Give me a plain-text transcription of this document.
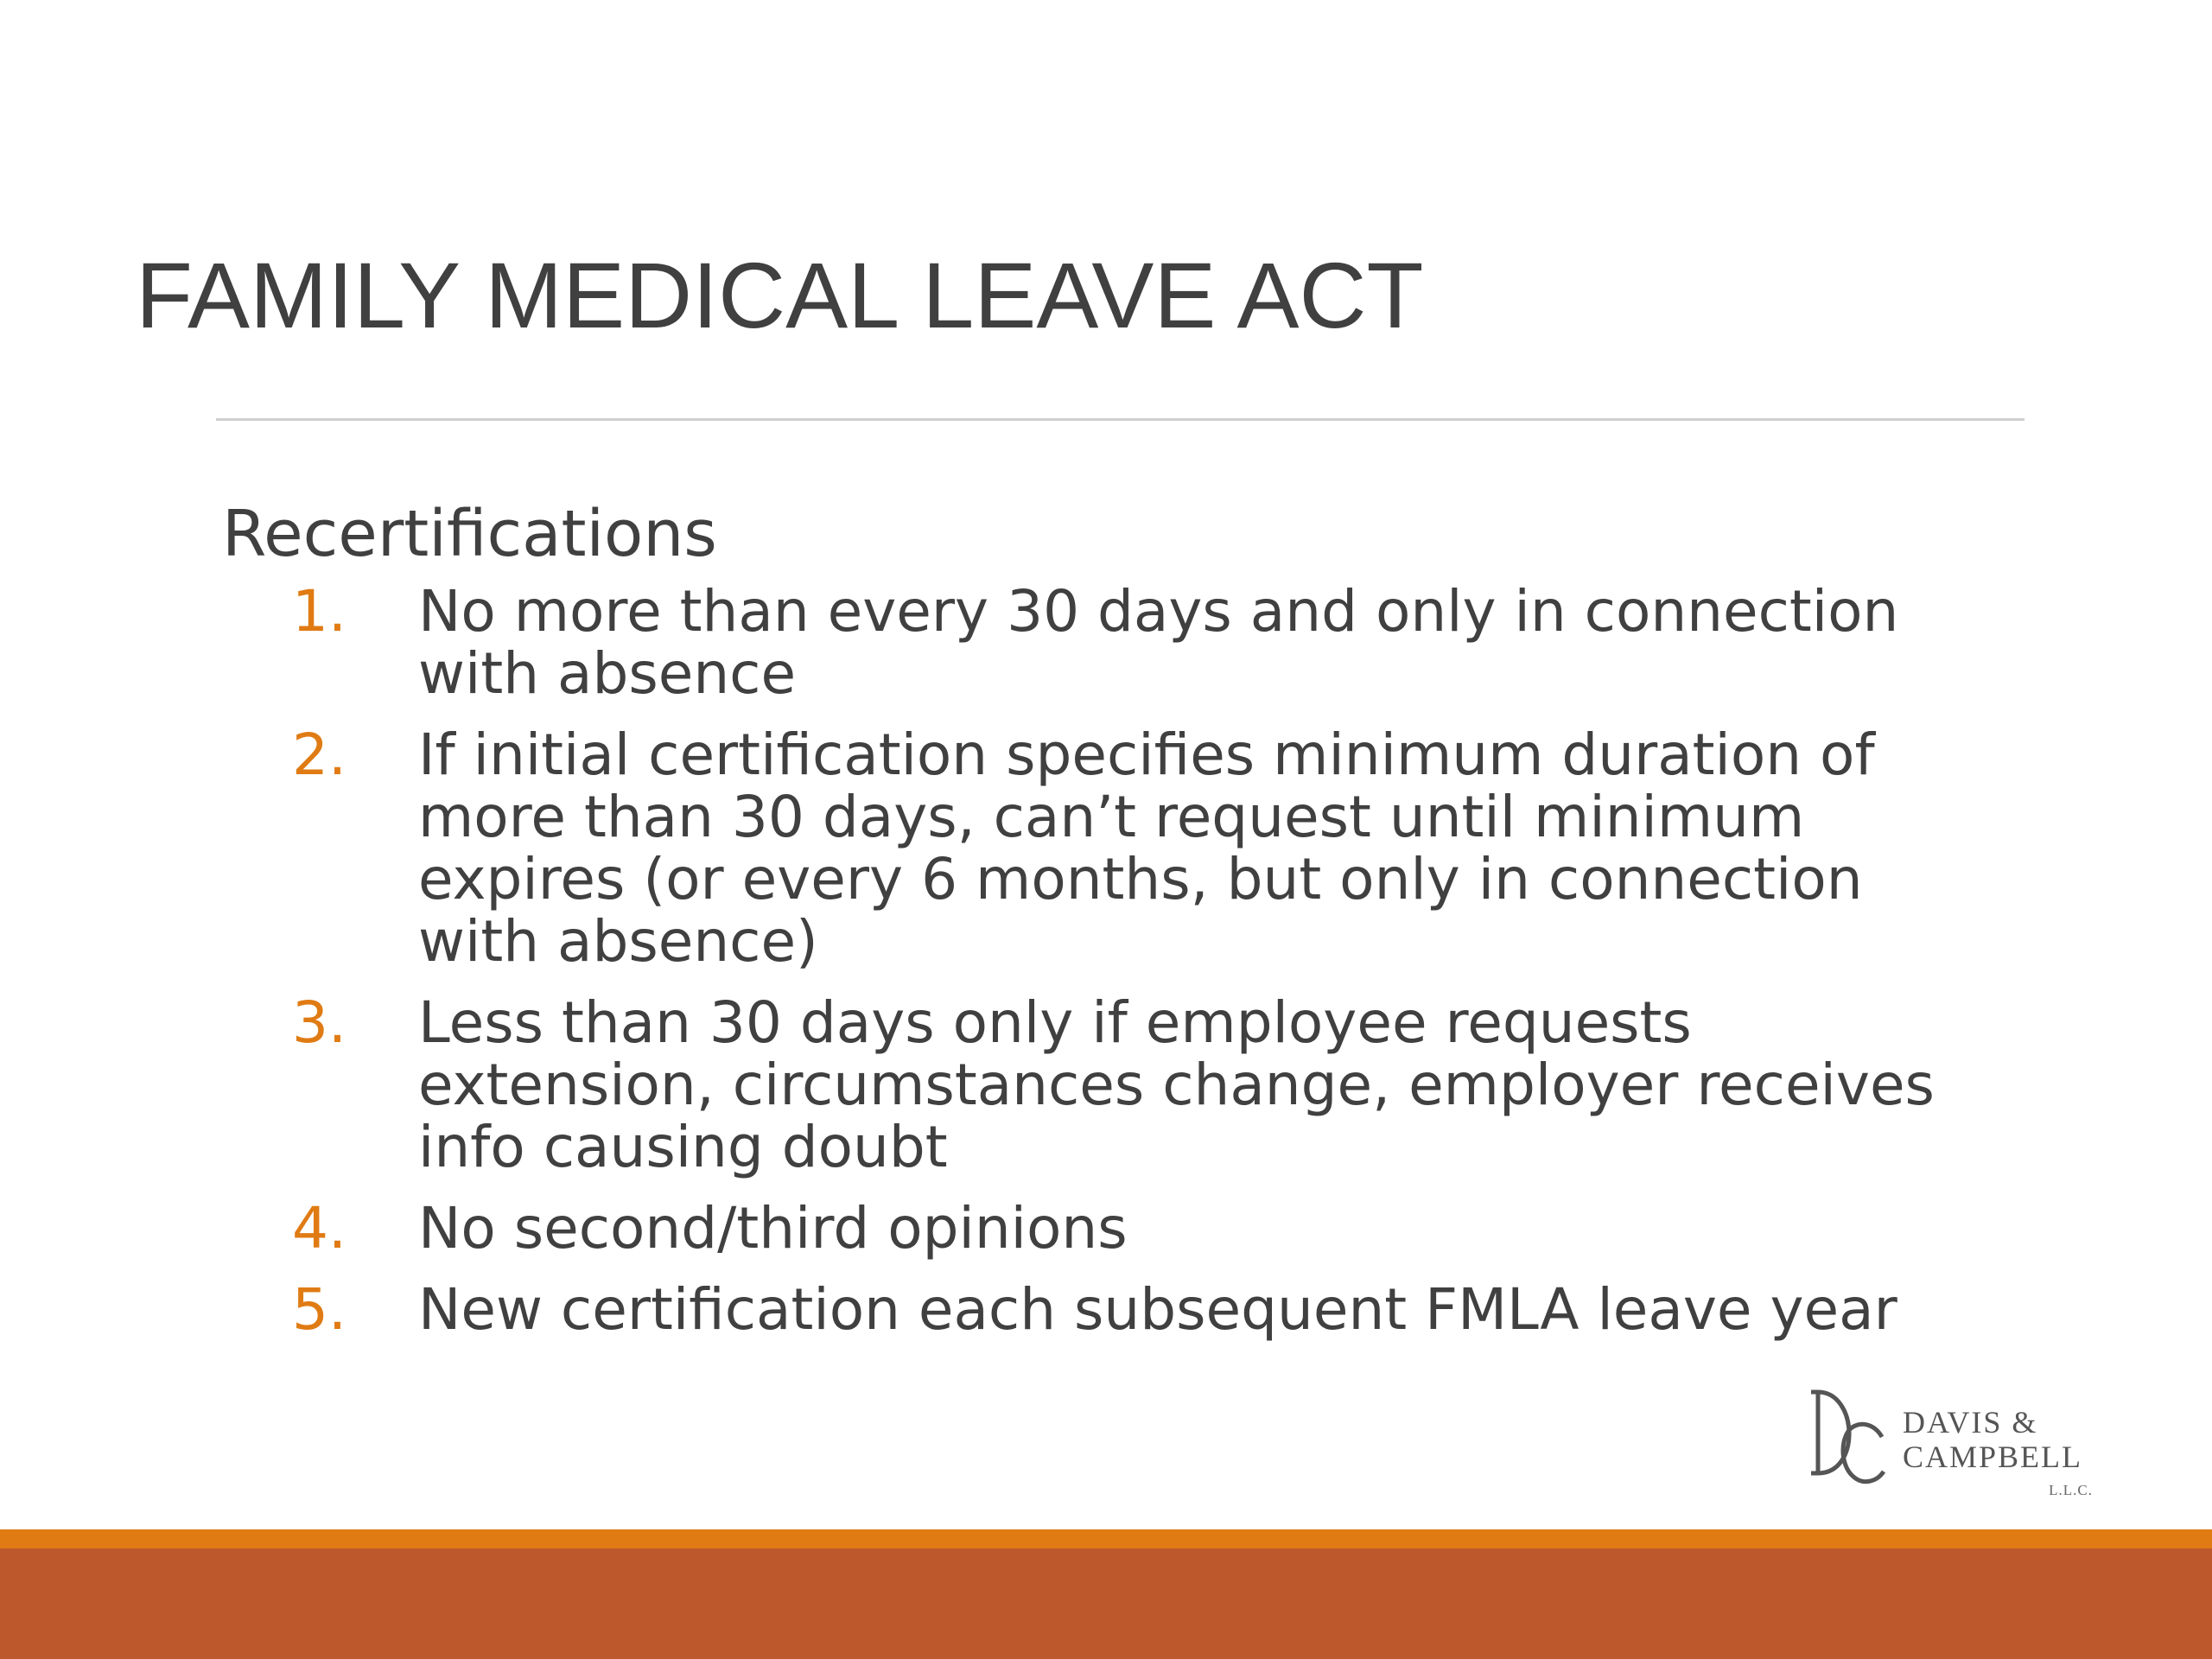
FAMILY MEDICAL LEAVE ACT
Recertifications
1. No more than every 30 days and only in connection
with absence
2. If initial certification specifies minimum duration of
more than 30 days, can’t request until minimum
expires (or every 6 months, but only in connection
with absence)
3. Less than 30 days only if employee requests
extension, circumstances change, employer receives
info causing doubt
4. No second/third opinions
5. New certification each subsequent FMLA leave year
DAVIS &
CAMPBELL
L.L.C.
